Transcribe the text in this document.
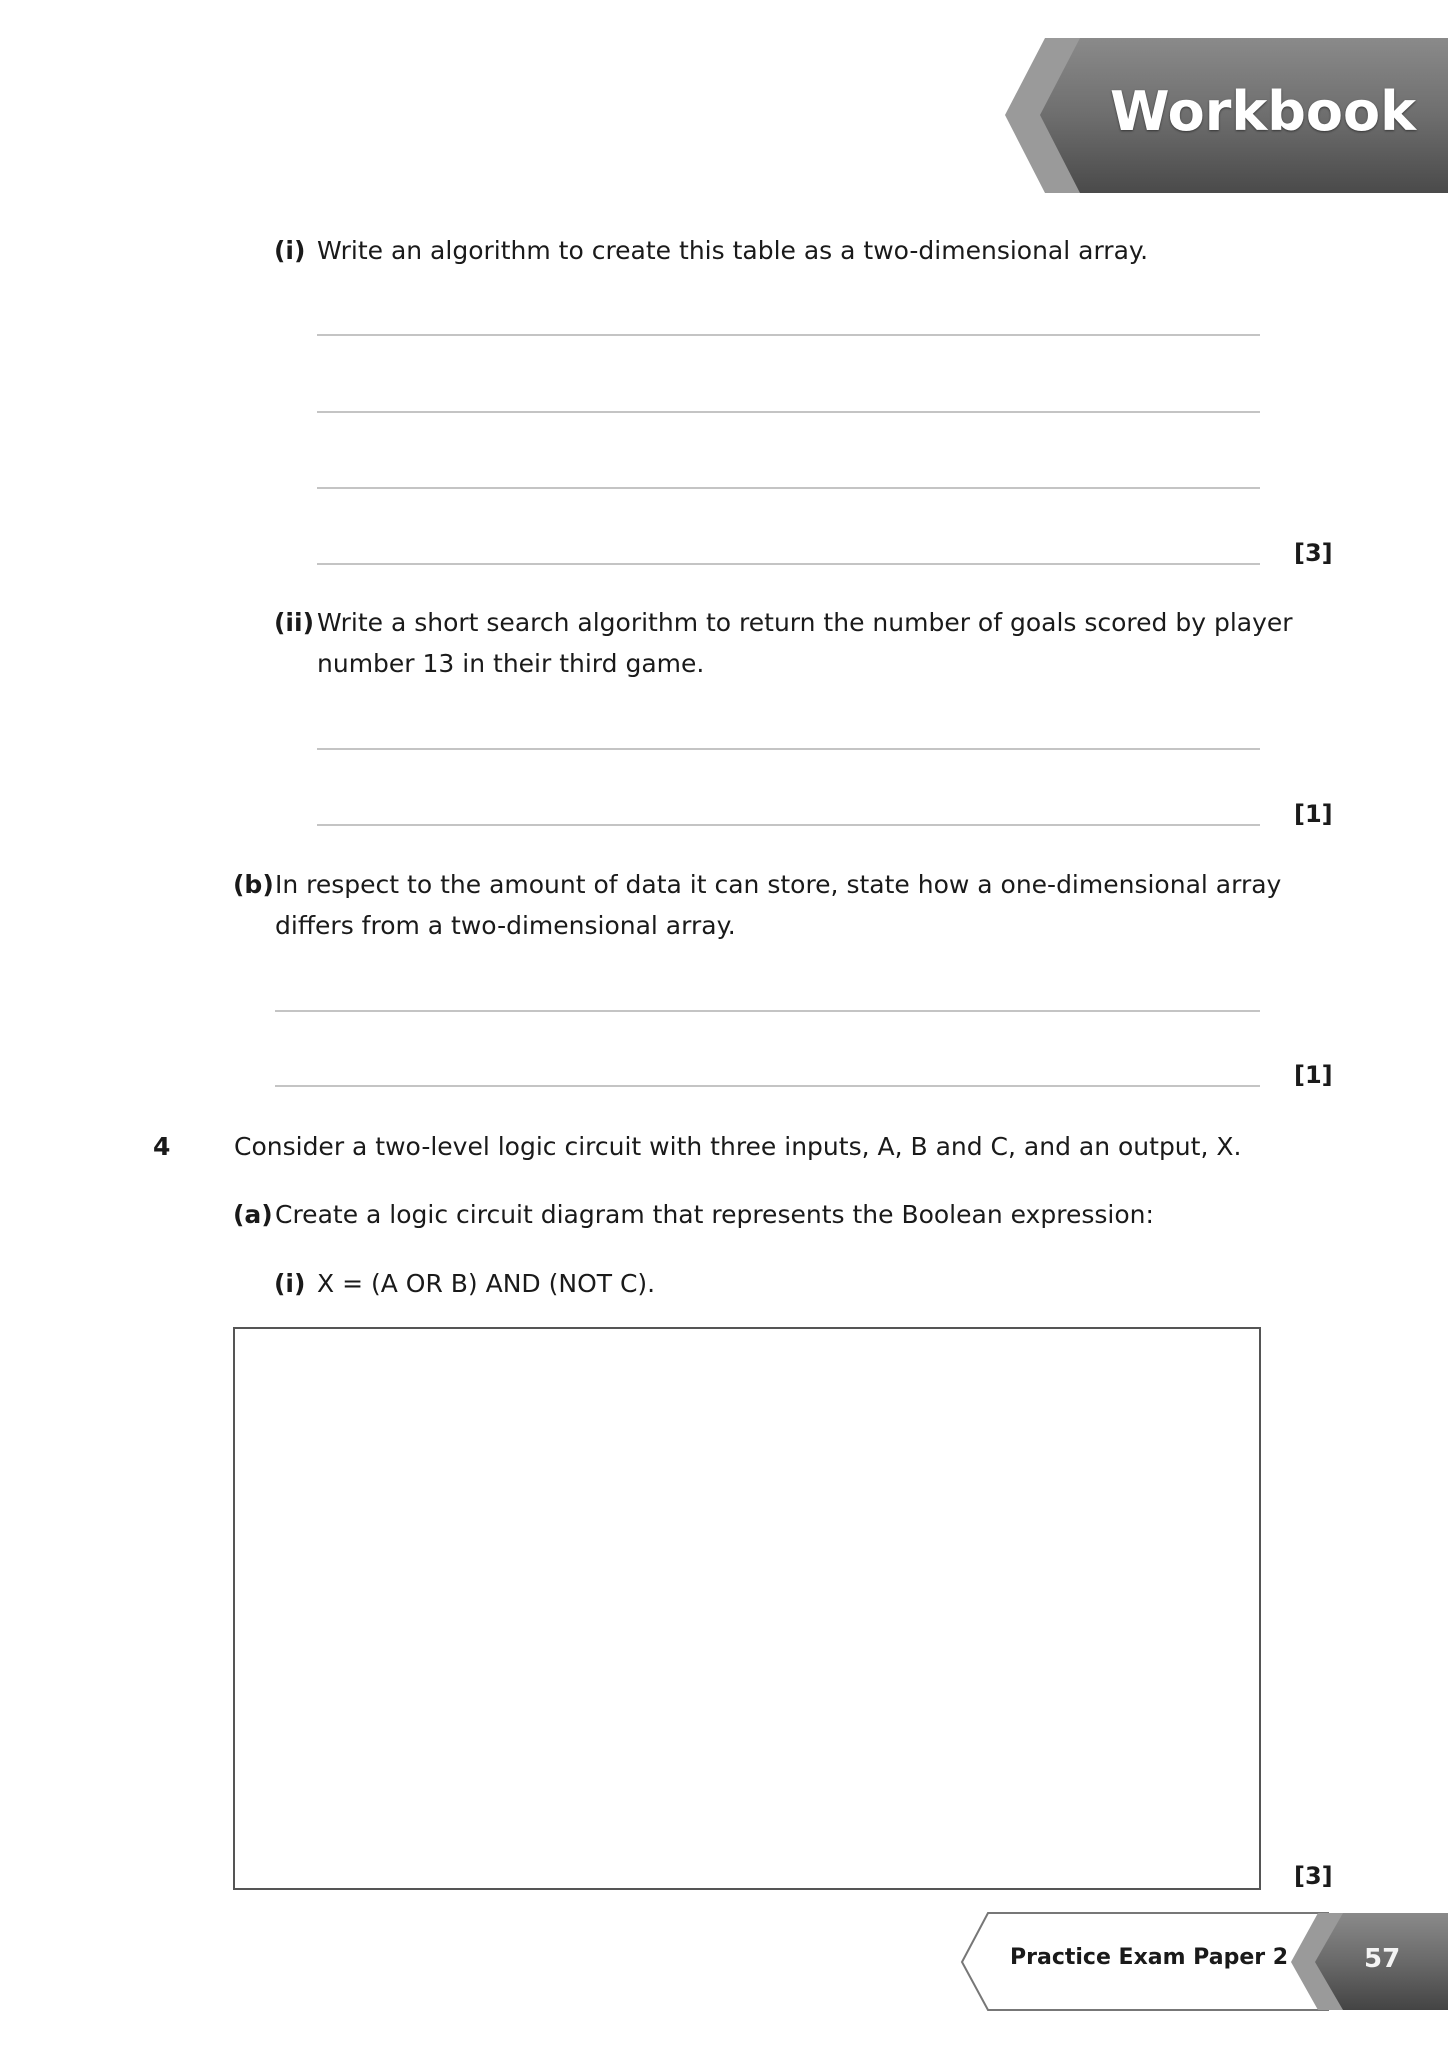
Workbook
(i) Write an algorithm to create this table as a two-dimensional array.
[3]
(ii) Write a short search algorithm to return the number of goals scored by player
number 13 in their third game.
[1]
(b) In respect to the amount of data it can store, state how a one-dimensional array
differs from a two-dimensional array.
[1]
4	Consider a two-level logic circuit with three inputs, A, B and C, and an output, X.
(a) Create a logic circuit diagram that represents the Boolean expression:
(i) X = (A OR B) AND (NOT C).
[3]
Practice Exam Paper 2	57
